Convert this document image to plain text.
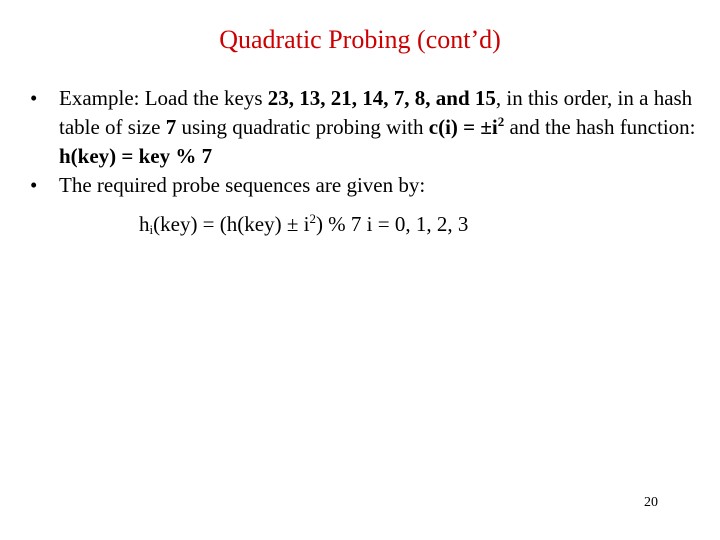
Quadratic Probing (cont’d)
• Example: Load the keys 23, 13, 21, 14, 7, 8, and 15, in this order, in a hash table of size 7 using quadratic probing with $c(i) = \pm i^2$ and the hash function: h(key) = key % 7
• The required probe sequences are given by:
$h_i(key) = (h(key) \pm i^2)$ % 7 i = 0, 1, 2, 3
20
